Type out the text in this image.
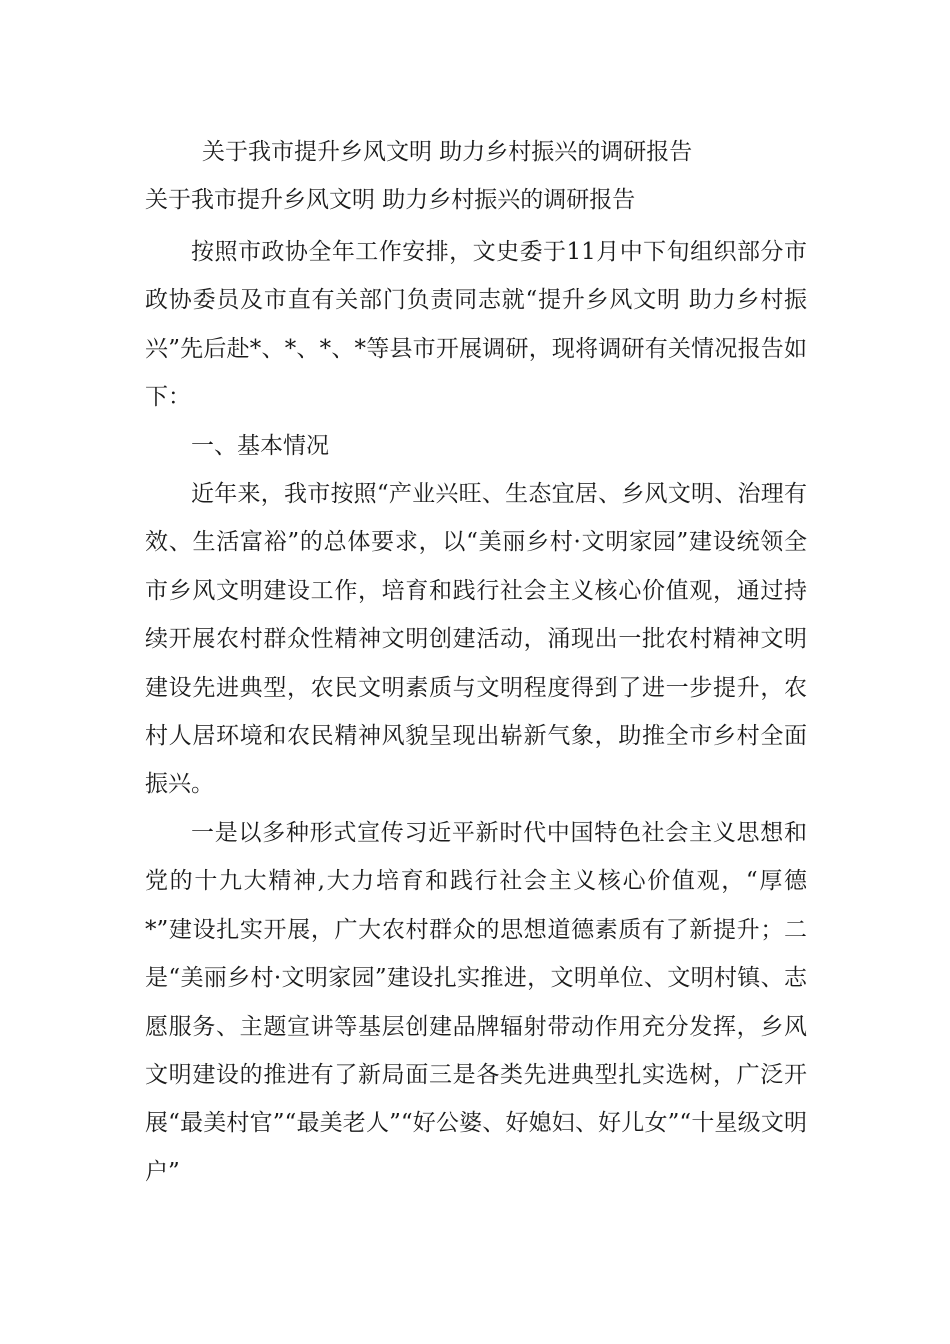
关于我市提升乡风文明 助力乡村振兴的调研报告
关于我市提升乡风文明 助力乡村振兴的调研报告

按照市政协全年工作安排，文史委于11月中下旬组织部分市政协委员及市直有关部门负责同志就“提升乡风文明 助力乡村振兴”先后赴*、*、*、*等县市开展调研，现将调研有关情况报告如下：

一、基本情况

近年来，我市按照“产业兴旺、生态宜居、乡风文明、治理有效、生活富裕”的总体要求，以“美丽乡村·文明家园”建设统领全市乡风文明建设工作，培育和践行社会主义核心价值观，通过持续开展农村群众性精神文明创建活动，涌现出一批农村精神文明建设先进典型，农民文明素质与文明程度得到了进一步提升，农村人居环境和农民精神风貌呈现出崭新气象，助推全市乡村全面振兴。

一是以多种形式宣传习近平新时代中国特色社会主义思想和党的十九大精神,大力培育和践行社会主义核心价值观，“厚德*”建设扎实开展，广大农村群众的思想道德素质有了新提升；二是“美丽乡村·文明家园”建设扎实推进，文明单位、文明村镇、志愿服务、主题宣讲等基层创建品牌辐射带动作用充分发挥，乡风文明建设的推进有了新局面三是各类先进典型扎实选树，广泛开展“最美村官”“最美老人”“好公婆、好媳妇、好儿女”“十星级文明户”
